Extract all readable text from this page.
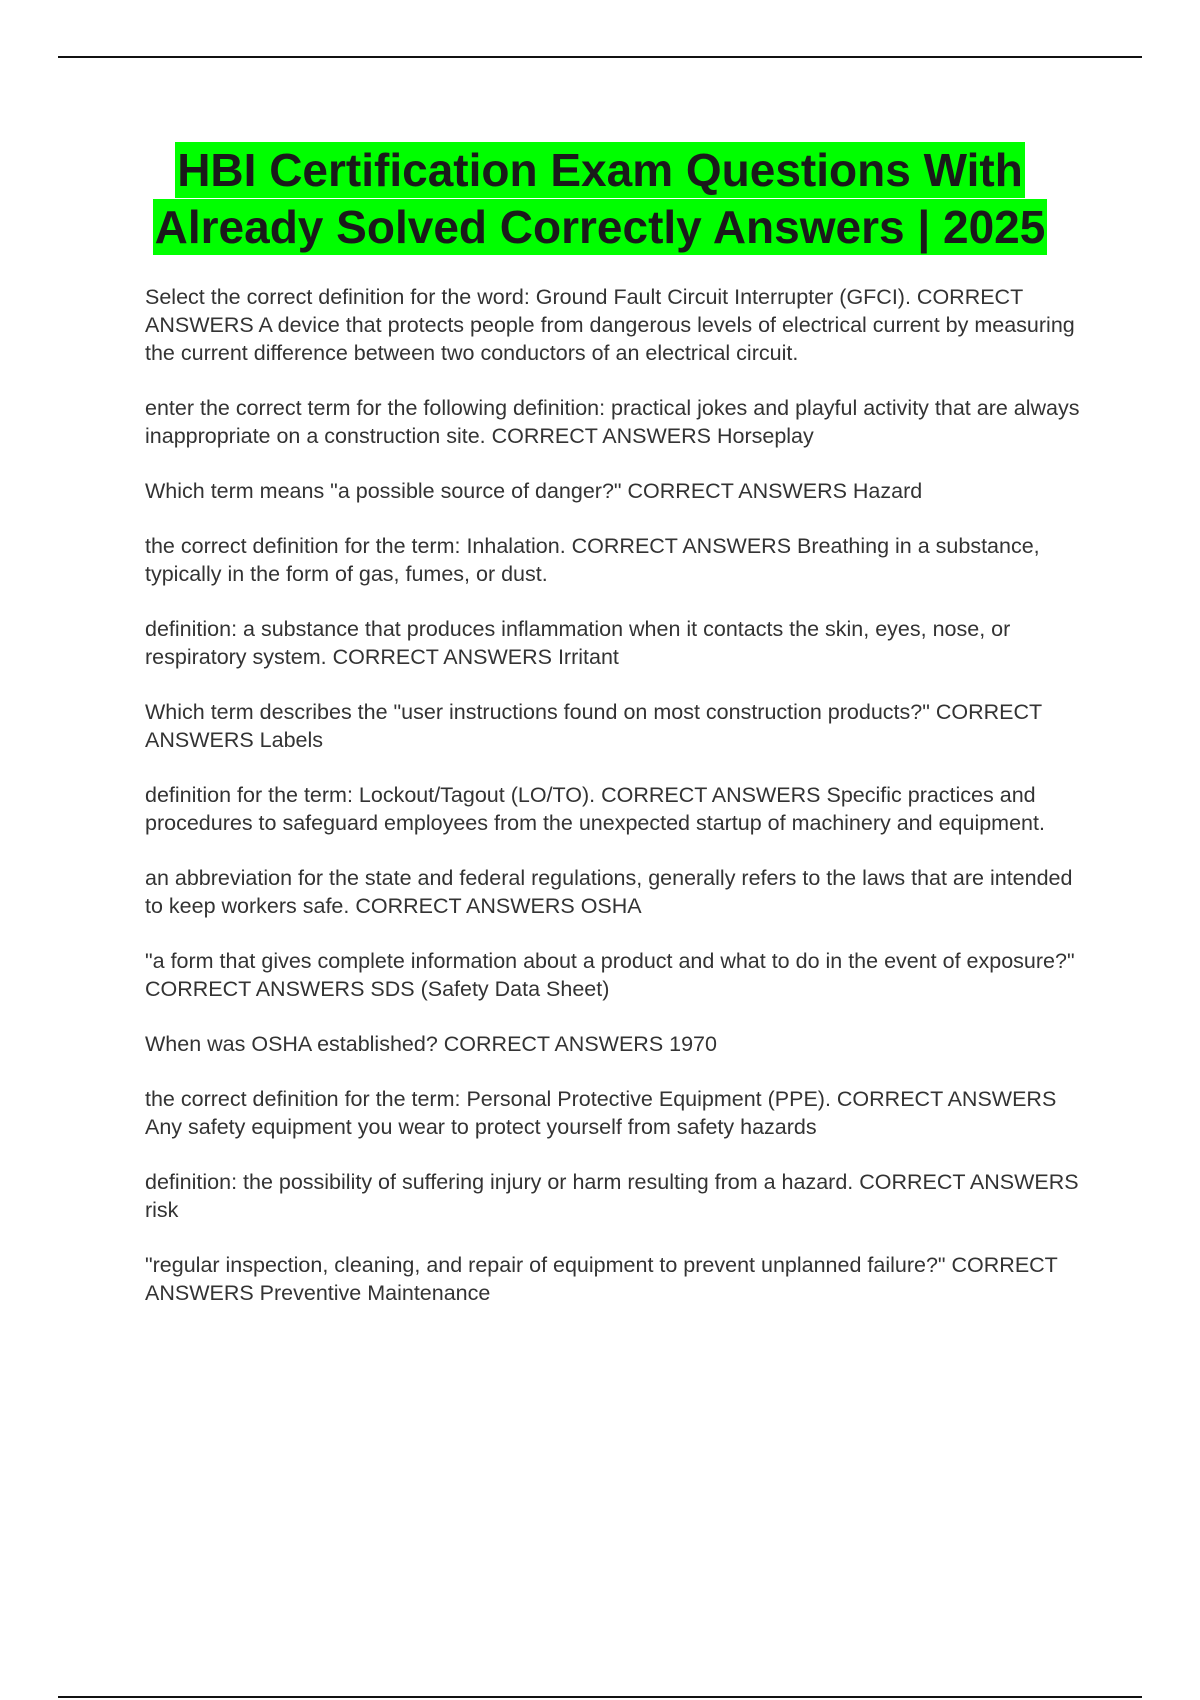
HBI Certification Exam Questions With
Already Solved Correctly Answers | 2025

Select the correct definition for the word: Ground Fault Circuit Interrupter (GFCI). CORRECT ANSWERS A device that protects people from dangerous levels of electrical current by measuring the current difference between two conductors of an electrical circuit.

enter the correct term for the following definition: practical jokes and playful activity that are always inappropriate on a construction site. CORRECT ANSWERS Horseplay

Which term means "a possible source of danger?" CORRECT ANSWERS Hazard

the correct definition for the term: Inhalation. CORRECT ANSWERS Breathing in a substance, typically in the form of gas, fumes, or dust.

definition: a substance that produces inflammation when it contacts the skin, eyes, nose, or respiratory system. CORRECT ANSWERS Irritant

Which term describes the "user instructions found on most construction products?" CORRECT ANSWERS Labels

definition for the term: Lockout/Tagout (LO/TO). CORRECT ANSWERS Specific practices and procedures to safeguard employees from the unexpected startup of machinery and equipment.

an abbreviation for the state and federal regulations, generally refers to the laws that are intended to keep workers safe. CORRECT ANSWERS OSHA

"a form that gives complete information about a product and what to do in the event of exposure?" CORRECT ANSWERS SDS (Safety Data Sheet)

When was OSHA established? CORRECT ANSWERS 1970

the correct definition for the term: Personal Protective Equipment (PPE). CORRECT ANSWERS Any safety equipment you wear to protect yourself from safety hazards

definition: the possibility of suffering injury or harm resulting from a hazard. CORRECT ANSWERS risk

"regular inspection, cleaning, and repair of equipment to prevent unplanned failure?" CORRECT ANSWERS Preventive Maintenance
